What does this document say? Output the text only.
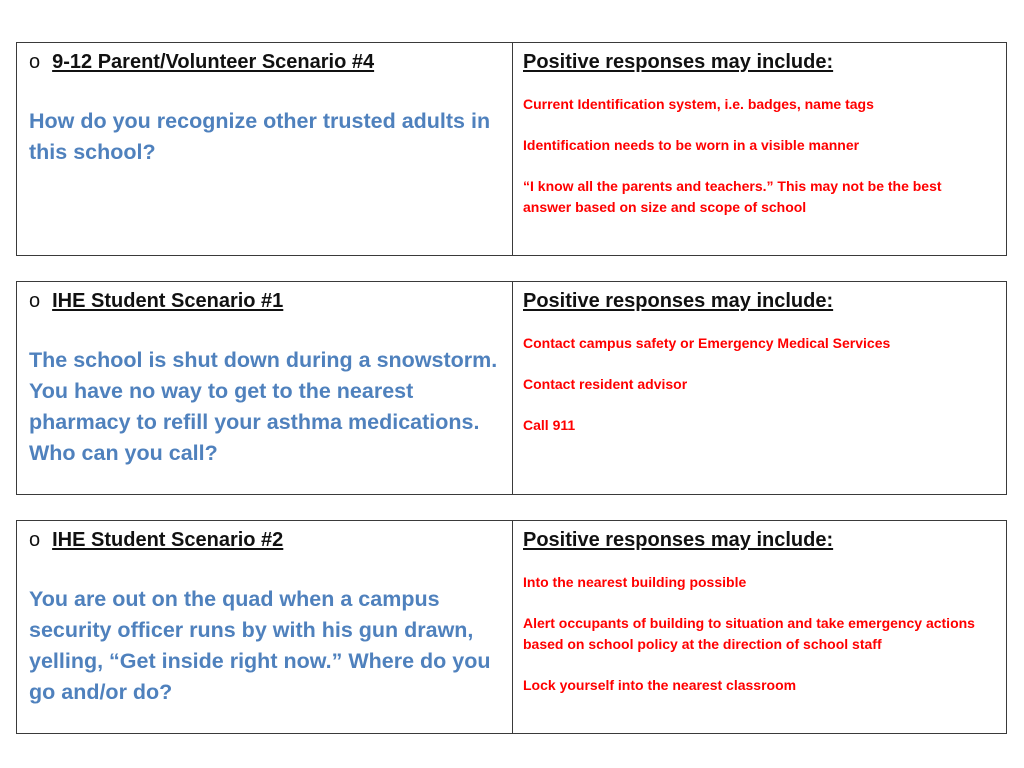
o 9-12 Parent/Volunteer Scenario #4
How do you recognize other trusted adults in this school?
Positive responses may include:
Current Identification system, i.e. badges, name tags
Identification needs to be worn in a visible manner
“I know all the parents and teachers.” This may not be the best answer based on size and scope of school
o IHE Student Scenario #1
The school is shut down during a snowstorm. You have no way to get to the nearest pharmacy to refill your asthma medications. Who can you call?
Positive responses may include:
Contact campus safety or Emergency Medical Services
Contact resident advisor
Call 911
o IHE Student Scenario #2
You are out on the quad when a campus security officer runs by with his gun drawn, yelling, “Get inside right now.” Where do you go and/or do?
Positive responses may include:
Into the nearest building possible
Alert occupants of building to situation and take emergency actions based on school policy at the direction of school staff
Lock yourself into the nearest classroom
